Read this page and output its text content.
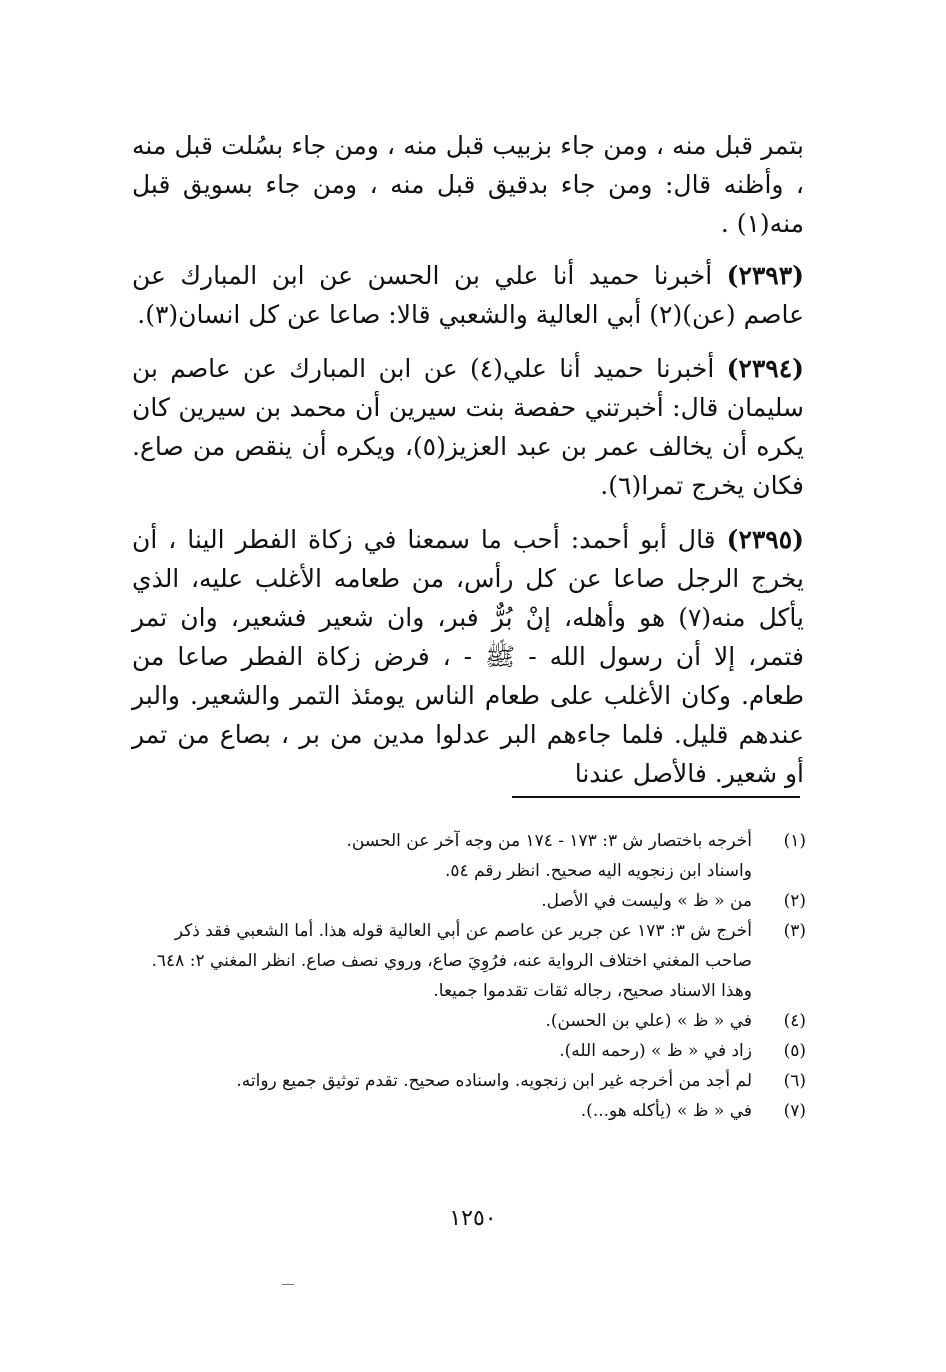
بتمر قبل منه ، ومن جاء بزبيب قبل منه ، ومن جاء بسُلت قبل منه ، وأظنه قال: ومن جاء بدقيق قبل منه ، ومن جاء بسويق قبل منه(١) .

(٢٣٩٣) أخبرنا حميد أنا علي بن الحسن عن ابن المبارك عن عاصم (عن)(٢) أبي العالية والشعبي قالا: صاعا عن كل انسان(٣).

(٢٣٩٤) أخبرنا حميد أنا علي(٤) عن ابن المبارك عن عاصم بن سليمان قال: أخبرتني حفصة بنت سيرين أن محمد بن سيرين كان يكره أن يخالف عمر بن عبد العزيز(٥)، ويكره أن ينقص من صاع. فكان يخرج تمرا(٦).

(٢٣٩٥) قال أبو أحمد: أحب ما سمعنا في زكاة الفطر الينا ، أن يخرج الرجل صاعا عن كل رأس، من طعامه الأغلب عليه، الذي يأكل منه(٧) هو وأهله، إنْ بُرٌّ فبر، وان شعير فشعير، وان تمر فتمر، إلا أن رسول الله - ﷺ - ، فرض زكاة الفطر صاعا من طعام. وكان الأغلب على طعام الناس يومئذ التمر والشعير. والبر عندهم قليل. فلما جاءهم البر عدلوا مدين من بر ، بصاع من تمر أو شعير. فالأصل عندنا

(١)
أخرجه باختصار ش ٣: ١٧٣ - ١٧٤ من وجه آخر عن الحسن.
واسناد ابن زنجويه اليه صحيح. انظر رقم ٥٤.
(٢)
من « ظ » وليست في الأصل.
(٣)
أخرج ش ٣: ١٧٣ عن جرير عن عاصم عن أبي العالية قوله هذا. أما الشعبي فقد ذكر صاحب المغني اختلاف الرواية عنه، فرُوِيَ صاع، وروي نصف صاع. انظر المغني ٢: ٦٤٨.
وهذا الاسناد صحيح، رجاله ثقات تقدموا جميعا.
(٤)
في « ظ » (علي بن الحسن).
(٥)
زاد في « ظ » (رحمه الله).
(٦)
لم أجد من أخرجه غير ابن زنجويه. واسناده صحيح. تقدم توثيق جميع رواته.
(٧)
في « ظ » (يأكله هو...).
١٢٥٠
